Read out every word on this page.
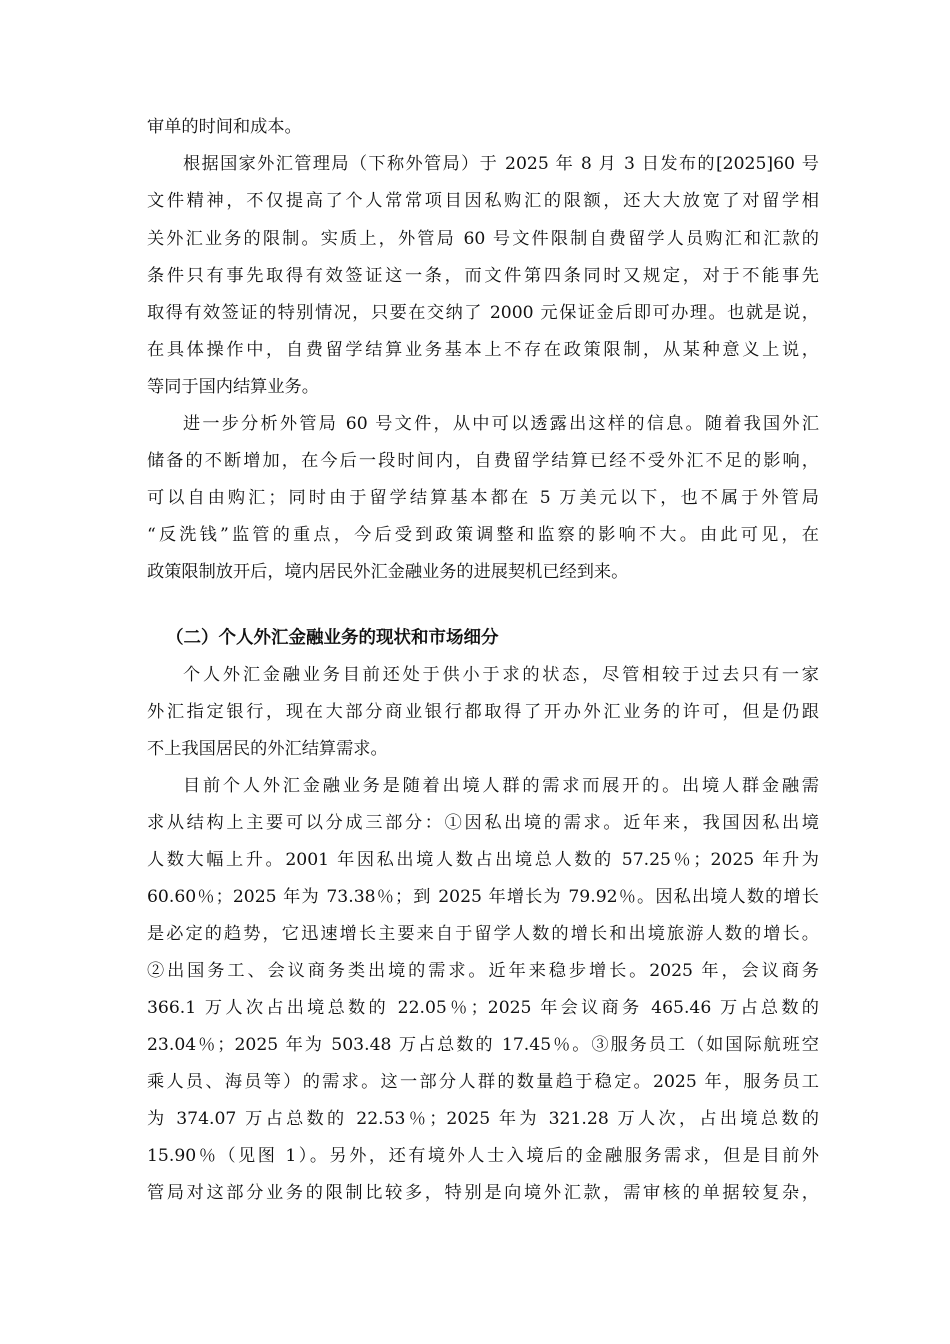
审单的时间和成本。
根据国家外汇管理局（下称外管局）于 2025 年 8 月 3 日发布的[2025]60 号
文件精神，不仅提高了个人常常项目因私购汇的限额，还大大放宽了对留学相
关外汇业务的限制。实质上，外管局 60 号文件限制自费留学人员购汇和汇款的
条件只有事先取得有效签证这一条，而文件第四条同时又规定，对于不能事先
取得有效签证的特别情况，只要在交纳了 2000 元保证金后即可办理。也就是说，
在具体操作中，自费留学结算业务基本上不存在政策限制，从某种意义上说，
等同于国内结算业务。
进一步分析外管局 60 号文件，从中可以透露出这样的信息。随着我国外汇
储备的不断增加，在今后一段时间内，自费留学结算已经不受外汇不足的影响，
可以自由购汇；同时由于留学结算基本都在 5 万美元以下，也不属于外管局
“反洗钱”监管的重点，今后受到政策调整和监察的影响不大。由此可见，在
政策限制放开后，境内居民外汇金融业务的进展契机已经到来。
（二）个人外汇金融业务的现状和市场细分
个人外汇金融业务目前还处于供小于求的状态，尽管相较于过去只有一家
外汇指定银行，现在大部分商业银行都取得了开办外汇业务的许可，但是仍跟
不上我国居民的外汇结算需求。
目前个人外汇金融业务是随着出境人群的需求而展开的。出境人群金融需
求从结构上主要可以分成三部分：①因私出境的需求。近年来，我国因私出境
人数大幅上升。2001 年因私出境人数占出境总人数的 57.25％；2025 年升为
60.60％；2025 年为 73.38％；到 2025 年增长为 79.92％。因私出境人数的增长
是必定的趋势，它迅速增长主要来自于留学人数的增长和出境旅游人数的增长。
②出国务工、会议商务类出境的需求。近年来稳步增长。2025 年，会议商务
366.1 万人次占出境总数的 22.05％；2025 年会议商务 465.46 万占总数的
23.04％；2025 年为 503.48 万占总数的 17.45％。③服务员工（如国际航班空
乘人员、海员等）的需求。这一部分人群的数量趋于稳定。2025 年，服务员工
为 374.07 万占总数的 22.53％；2025 年为 321.28 万人次，占出境总数的
15.90％（见图 1）。另外，还有境外人士入境后的金融服务需求，但是目前外
管局对这部分业务的限制比较多，特别是向境外汇款，需审核的单据较复杂，
